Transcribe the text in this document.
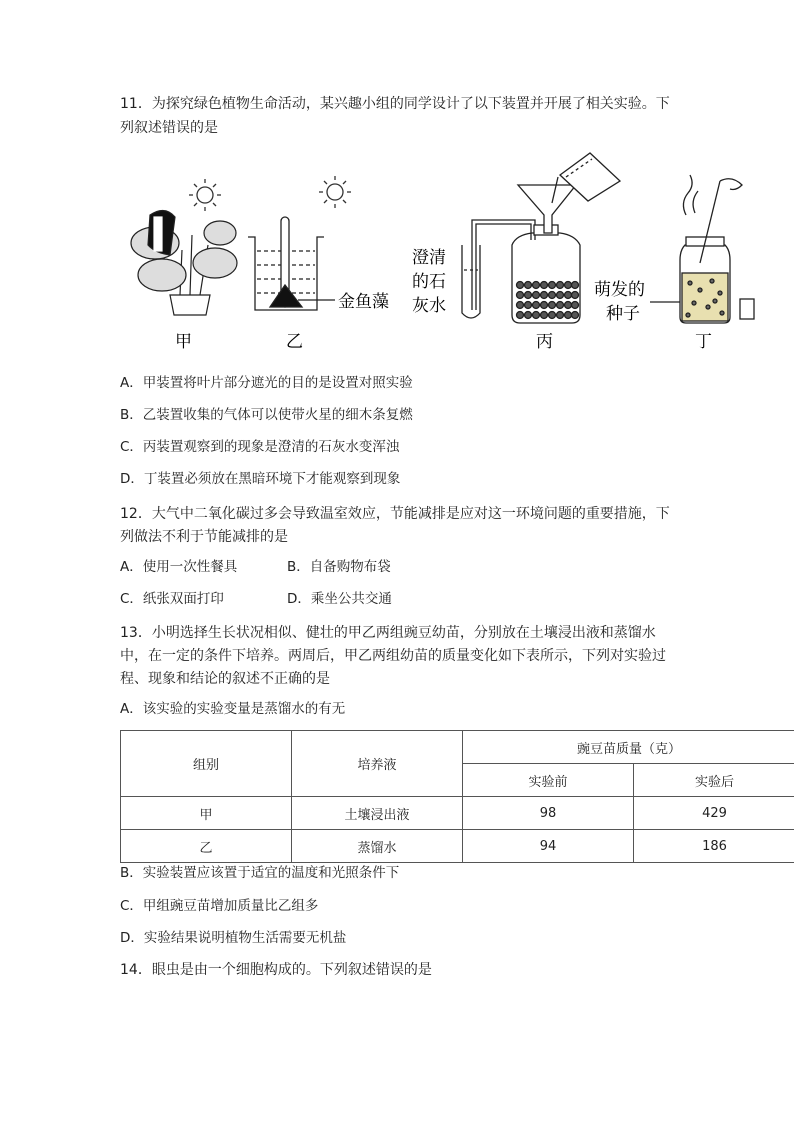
11．为探究绿色植物生命活动，某兴趣小组的同学设计了以下装置并开展了相关实验。下
列叙述错误的是
甲	乙
金鱼藻
澄清
的石
灰水
丙
萌发的
种子
丁
A．甲装置将叶片部分遮光的目的是设置对照实验
B．乙装置收集的气体可以使带火星的细木条复燃
C．丙装置观察到的现象是澄清的石灰水变浑浊
D．丁装置必须放在黑暗环境下才能观察到现象
12．大气中二氧化碳过多会导致温室效应，节能减排是应对这一环境问题的重要措施，下
列做法不利于节能减排的是
A．使用一次性餐具	B．自备购物布袋
C．纸张双面打印	D．乘坐公共交通
13．小明选择生长状况相似、健壮的甲乙两组豌豆幼苗，分别放在土壤浸出液和蒸馏水
中，在一定的条件下培养。两周后，甲乙两组幼苗的质量变化如下表所示，下列对实验过
程、现象和结论的叙述不正确的是
A．该实验的实验变量是蒸馏水的有无
组别	培养液	豌豆苗质量（克）	
		实验前	实验后
甲	土壤浸出液	98	429
乙	蒸馏水	94	186
B．实验装置应该置于适宜的温度和光照条件下
C．甲组豌豆苗增加质量比乙组多
D．实验结果说明植物生活需要无机盐
14．眼虫是由一个细胞构成的。下列叙述错误的是
